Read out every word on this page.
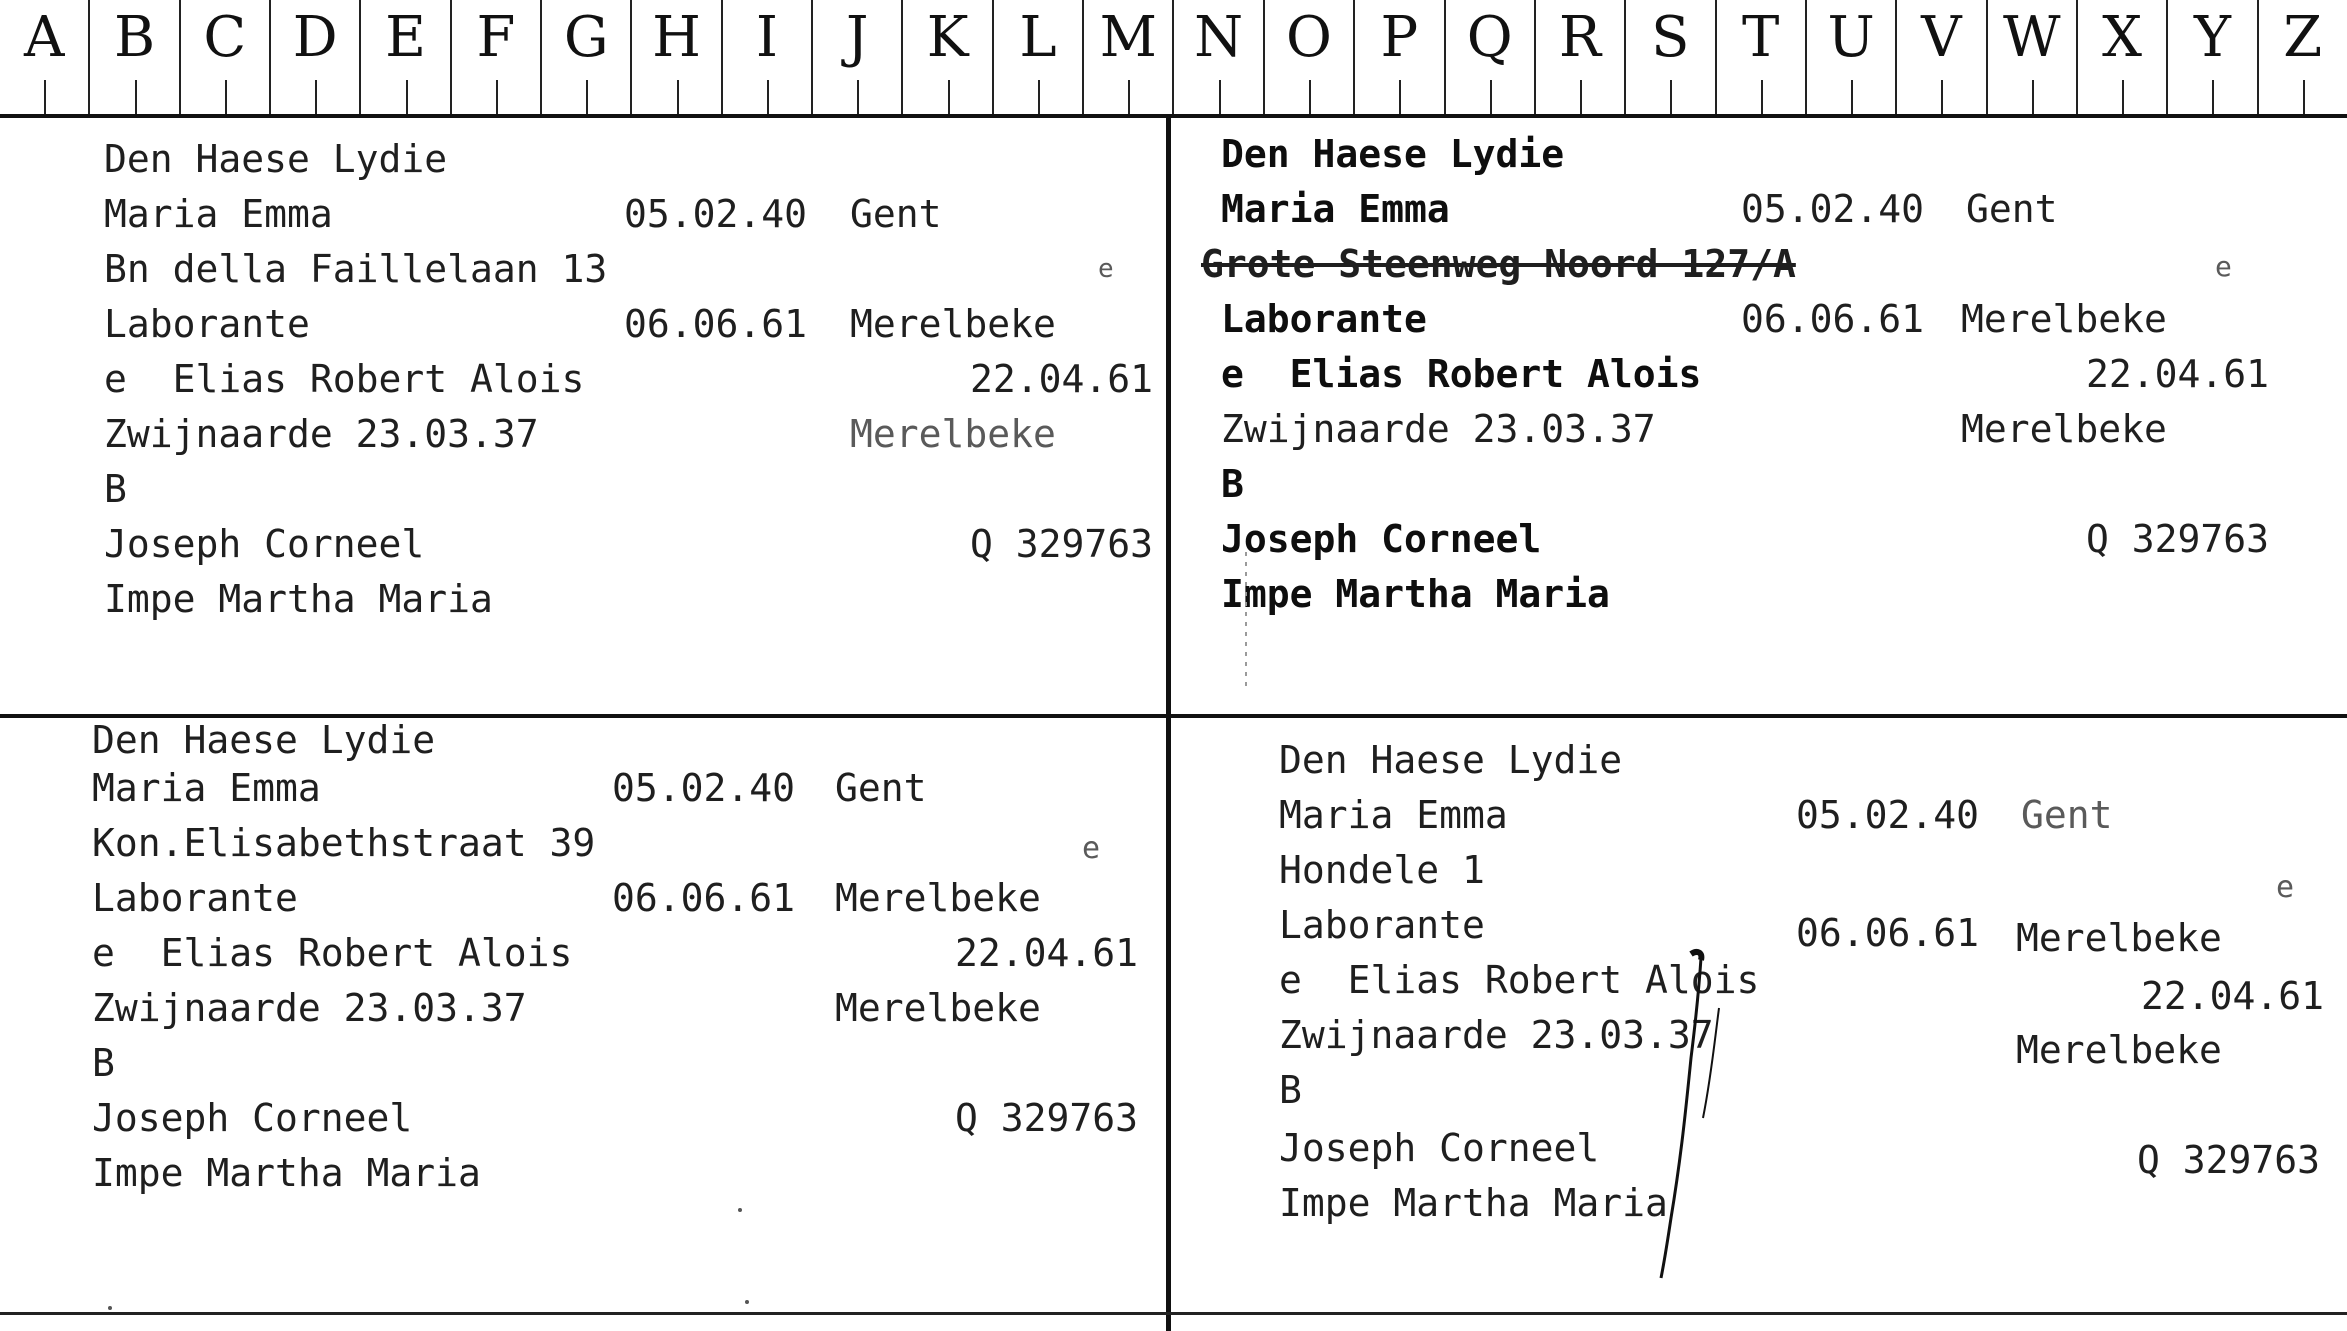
A B C D E F G H I	J	K L M N O P Q R S T U V W X Y Z
Den Haese Lydie
Maria Emma	05.02.40 Gent
Bn della Faillelaan 13	e
Laborante	06.06.61 Merelbeke
e  Elias Robert Alois	22.04.61
Zwijnaarde 23.03.37	Merelbeke
B
Joseph Corneel	Q 329763
Impe Martha Maria
Den Haese Lydie
Maria Emma	05.02.40 Gent
Grote Steenweg Noord 127/A	e
Laborante	06.06.61 Merelbeke
e  Elias Robert Alois	22.04.61
Zwijnaarde 23.03.37	Merelbeke
B
Joseph Corneel	Q 329763
Impe Martha Maria
Den Haese Lydie
Maria Emma	05.02.40 Gent
Kon.Elisabethstraat 39	e
Laborante	06.06.61 Merelbeke
e  Elias Robert Alois	22.04.61
Zwijnaarde 23.03.37	Merelbeke
B
Joseph Corneel	Q 329763
Impe Martha Maria
Den Haese Lydie
Maria Emma	05.02.40 Gent
Hondele 1	e
Laborante	06.06.61 Merelbeke
e  Elias Robert Alois	22.04.61
Zwijnaarde 23.03.37	Merelbeke
B
Joseph Corneel	Q 329763
Impe Martha Maria
